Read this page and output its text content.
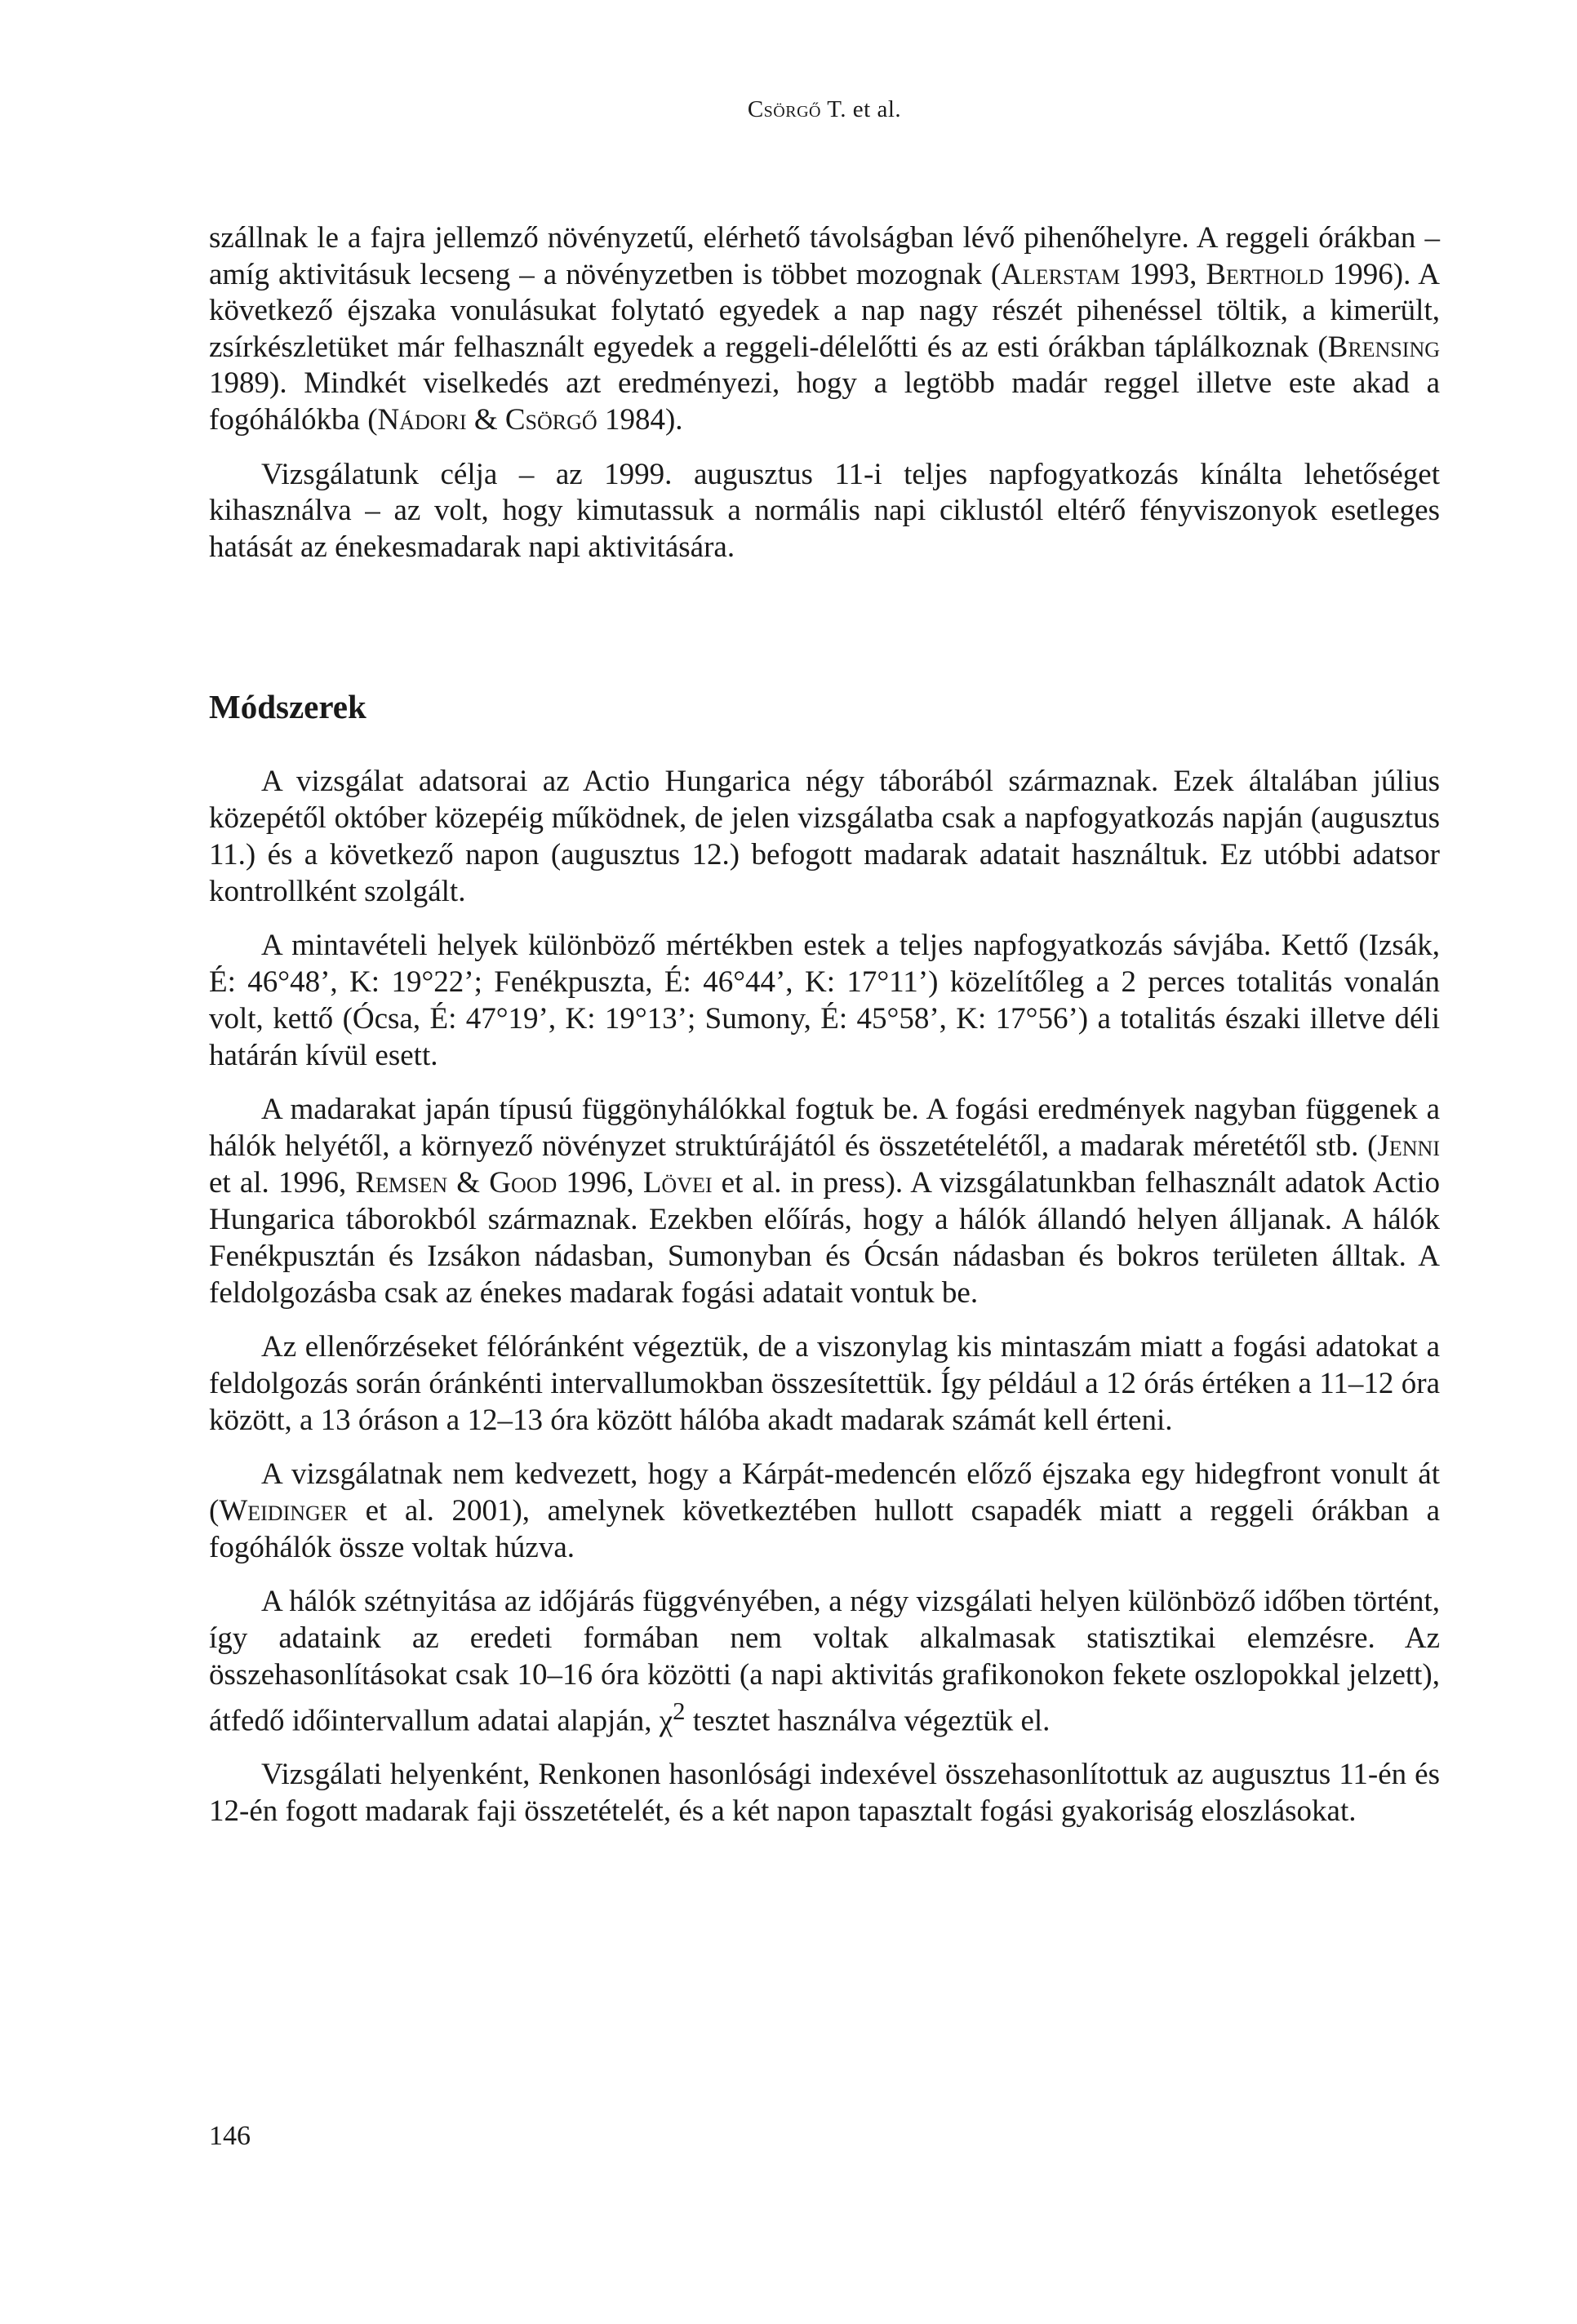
Csörgő T. et al.

szállnak le a fajra jellemző növényzetű, elérhető távolságban lévő pihenőhelyre. A reggeli órákban – amíg aktivitásuk lecseng – a növényzetben is többet mozognak (Alerstam 1993, Berthold 1996). A következő éjszaka vonulásukat folytató egyedek a nap nagy részét pihenéssel töltik, a kimerült, zsírkészletüket már felhasznált egyedek a reggeli-délelőtti és az esti órákban táplálkoznak (Brensing 1989). Mindkét viselkedés azt eredményezi, hogy a legtöbb madár reggel illetve este akad a fogóhálókba (Nádori & Csörgő 1984).

Vizsgálatunk célja – az 1999. augusztus 11-i teljes napfogyatkozás kínálta lehetőséget kihasználva – az volt, hogy kimutassuk a normális napi ciklustól eltérő fényviszonyok esetleges hatását az énekesmadarak napi aktivitására.

Módszerek

A vizsgálat adatsorai az Actio Hungarica négy táborából származnak. Ezek általában július közepétől október közepéig működnek, de jelen vizsgálatba csak a napfogyatkozás napján (augusztus 11.) és a következő napon (augusztus 12.) befogott madarak adatait használtuk. Ez utóbbi adatsor kontrollként szolgált.

A mintavételi helyek különböző mértékben estek a teljes napfogyatkozás sávjába. Kettő (Izsák, É: 46°48’, K: 19°22’; Fenékpuszta, É: 46°44’, K: 17°11’) közelítőleg a 2 perces totalitás vonalán volt, kettő (Ócsa, É: 47°19’, K: 19°13’; Sumony, É: 45°58’, K: 17°56’) a totalitás északi illetve déli határán kívül esett.

A madarakat japán típusú függönyhálókkal fogtuk be. A fogási eredmények nagyban függenek a hálók helyétől, a környező növényzet struktúrájától és összetételétől, a madarak méretétől stb. (Jenni et al. 1996, Remsen & Good 1996, Lövei et al. in press). A vizsgálatunkban felhasznált adatok Actio Hungarica táborokból származnak. Ezekben előírás, hogy a hálók állandó helyen álljanak. A hálók Fenékpusztán és Izsákon nádasban, Sumonyban és Ócsán nádasban és bokros területen álltak. A feldolgozásba csak az énekes madarak fogási adatait vontuk be.

Az ellenőrzéseket félóránként végeztük, de a viszonylag kis mintaszám miatt a fogási adatokat a feldolgozás során óránkénti intervallumokban összesítettük. Így például a 12 órás értéken a 11–12 óra között, a 13 óráson a 12–13 óra között hálóba akadt madarak számát kell érteni.

A vizsgálatnak nem kedvezett, hogy a Kárpát-medencén előző éjszaka egy hidegfront vonult át (Weidinger et al. 2001), amelynek következtében hullott csapadék miatt a reggeli órákban a fogóhálók össze voltak húzva.

A hálók szétnyitása az időjárás függvényében, a négy vizsgálati helyen különböző időben történt, így adataink az eredeti formában nem voltak alkalmasak statisztikai elemzésre. Az összehasonlításokat csak 10–16 óra közötti (a napi aktivitás grafikonokon fekete oszlopokkal jelzett), átfedő időintervallum adatai alapján, $\chi^2$ tesztet használva végeztük el.

Vizsgálati helyenként, Renkonen hasonlósági indexével összehasonlítottuk az augusztus 11-én és 12-én fogott madarak faji összetételét, és a két napon tapasztalt fogási gyakoriság eloszlásokat.

146
